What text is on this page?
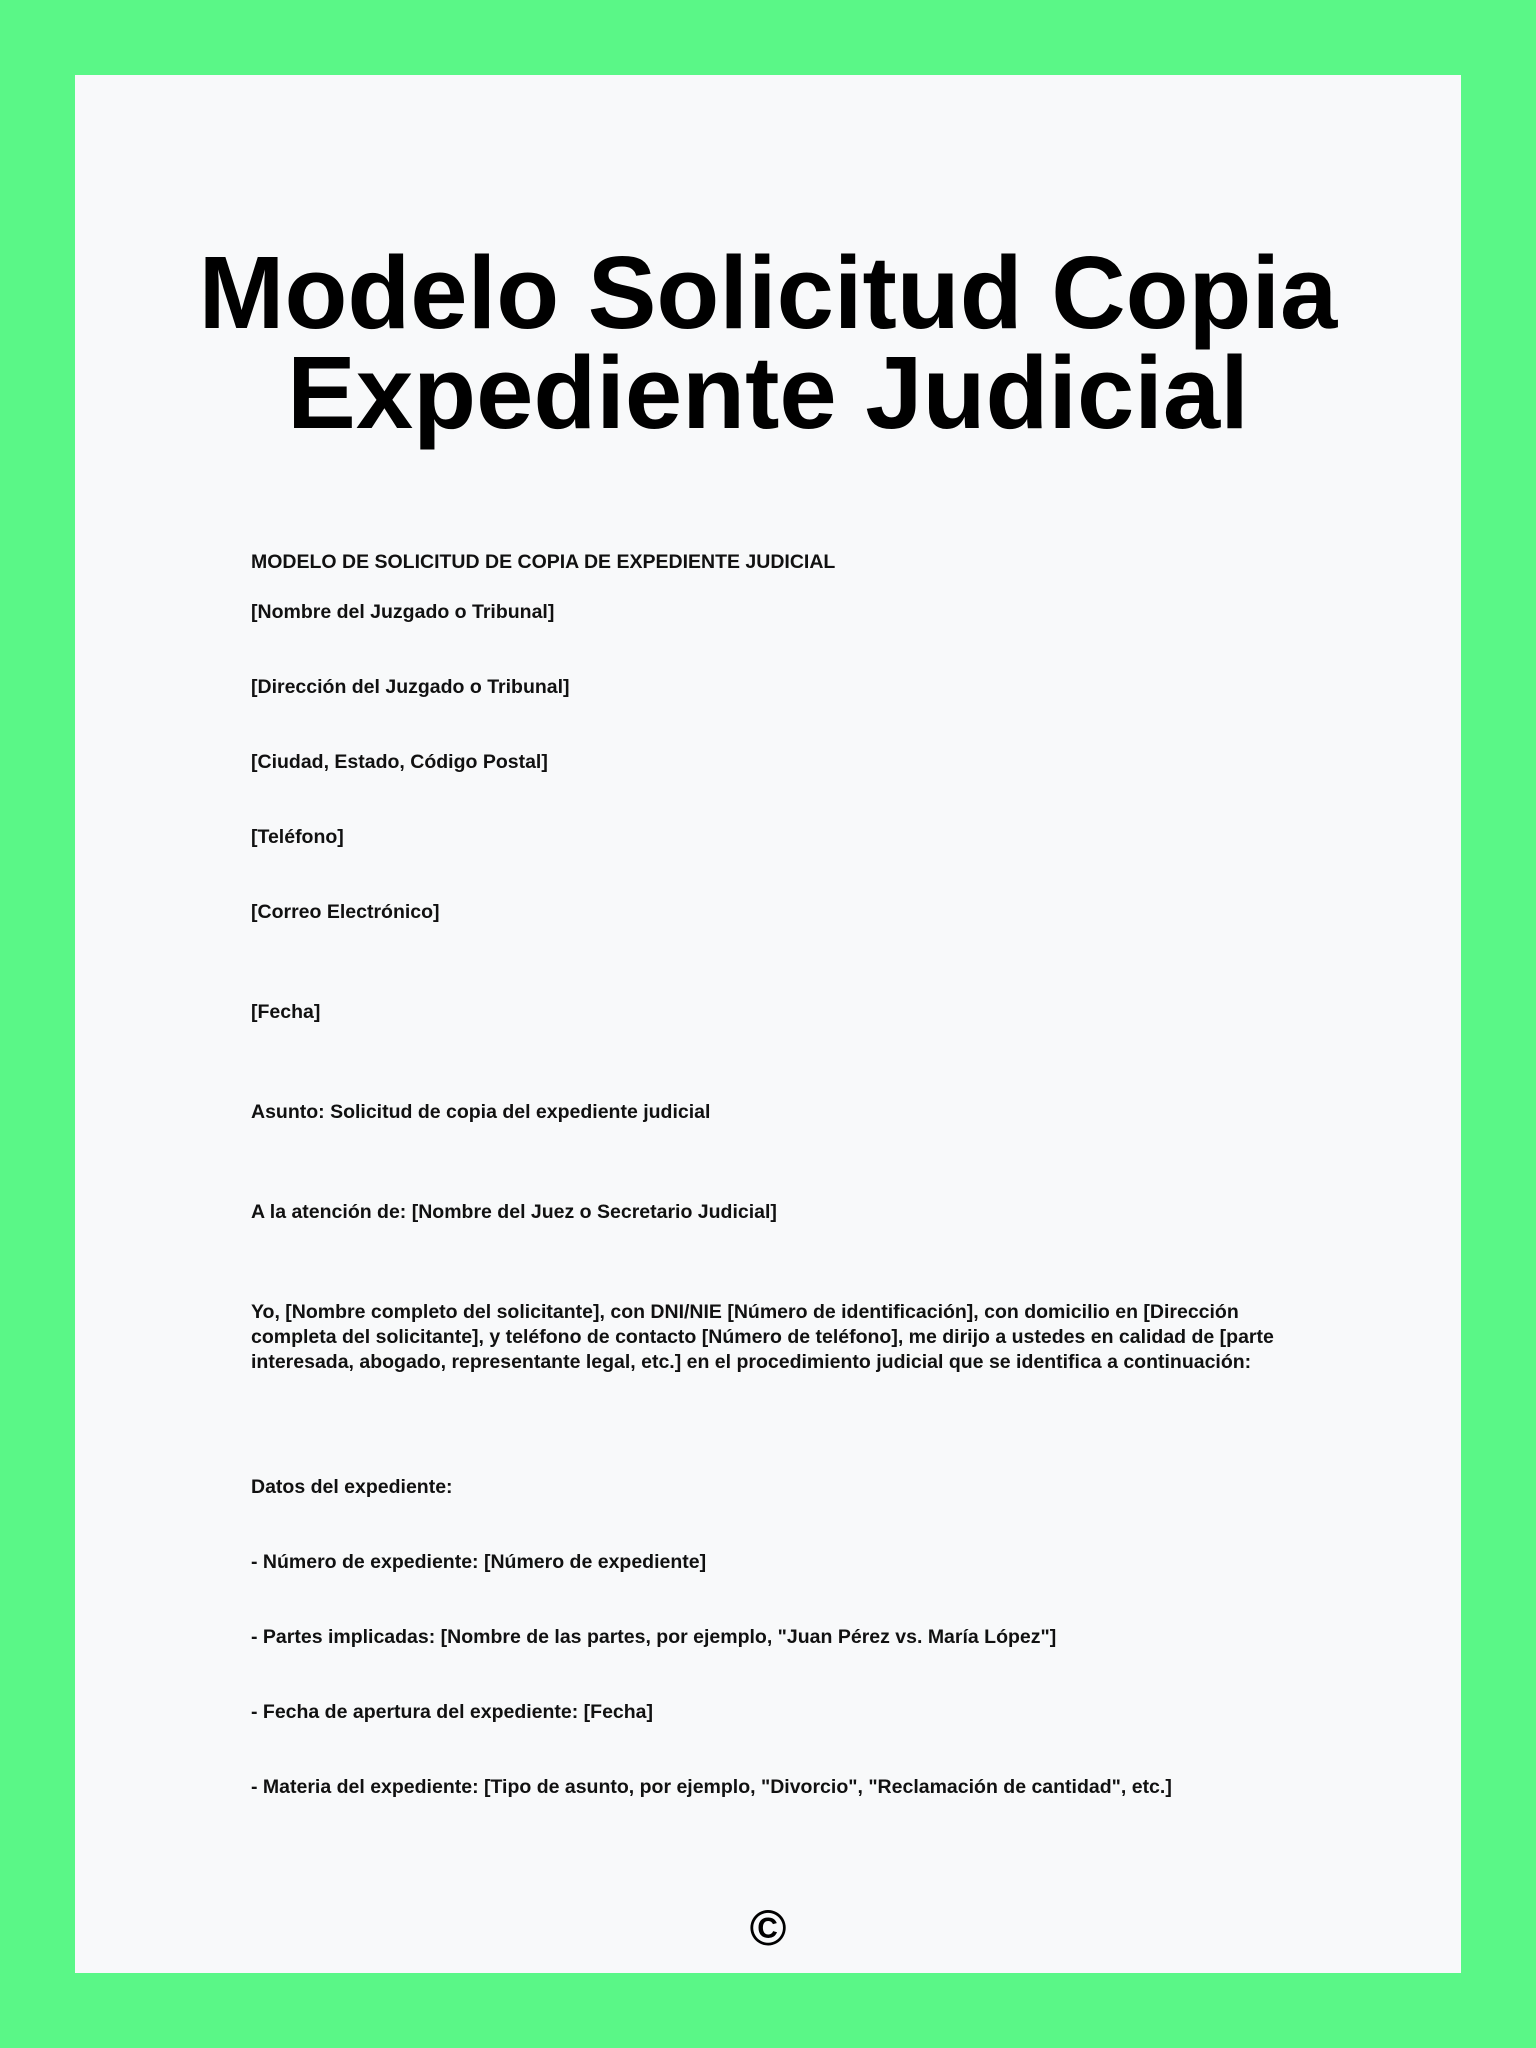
Modelo Solicitud Copia
Expediente Judicial

MODELO DE SOLICITUD DE COPIA DE EXPEDIENTE JUDICIAL

[Nombre del Juzgado o Tribunal]

[Dirección del Juzgado o Tribunal]

[Ciudad, Estado, Código Postal]

[Teléfono]

[Correo Electrónico]

[Fecha]

Asunto: Solicitud de copia del expediente judicial

A la atención de: [Nombre del Juez o Secretario Judicial]

Yo, [Nombre completo del solicitante], con DNI/NIE [Número de identificación], con domicilio en [Dirección completa del solicitante], y teléfono de contacto [Número de teléfono], me dirijo a ustedes en calidad de [parte interesada, abogado, representante legal, etc.] en el procedimiento judicial que se identifica a continuación:

Datos del expediente:

- Número de expediente: [Número de expediente]

- Partes implicadas: [Nombre de las partes, por ejemplo, "Juan Pérez vs. María López"]

- Fecha de apertura del expediente: [Fecha]

- Materia del expediente: [Tipo de asunto, por ejemplo, "Divorcio", "Reclamación de cantidad", etc.]

©
